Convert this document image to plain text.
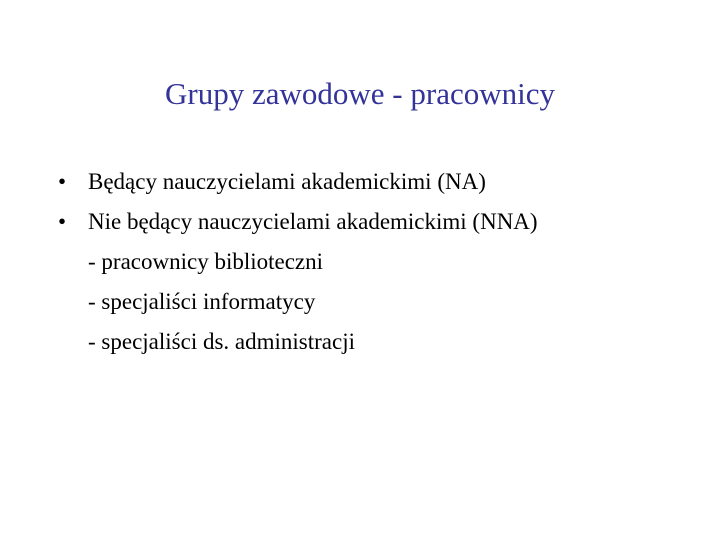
Grupy zawodowe - pracownicy
• Będący nauczycielami akademickimi (NA)
• Nie będący nauczycielami akademickimi (NNA)
- pracownicy biblioteczni
- specjaliści informatycy
- specjaliści ds. administracji
